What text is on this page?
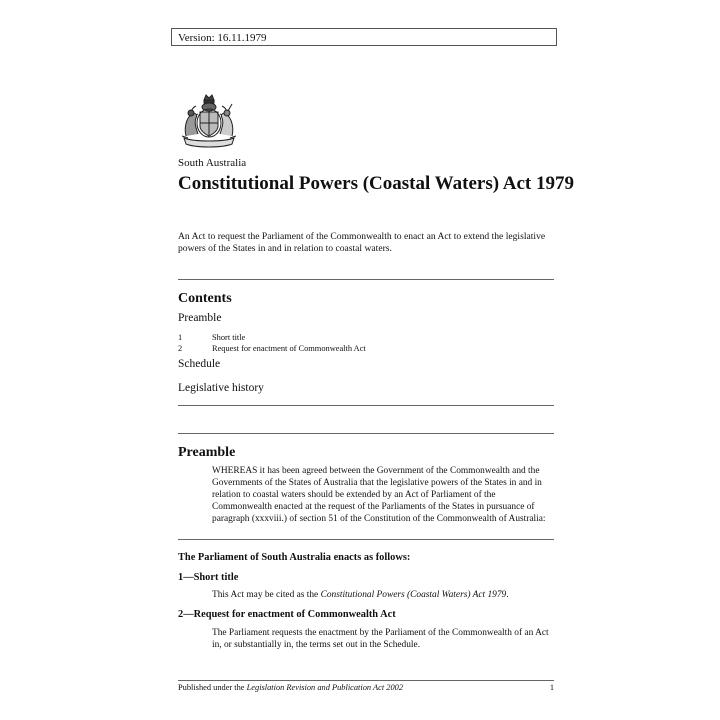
Version: 16.11.1979
South Australia
Constitutional Powers (Coastal Waters) Act 1979
An Act to request the Parliament of the Commonwealth to enact an Act to extend the legislative powers of the States in and in relation to coastal waters.
Contents
Preamble
1	Short title
2	Request for enactment of Commonwealth Act
Schedule
Legislative history
Preamble
WHEREAS it has been agreed between the Government of the Commonwealth and the Governments of the States of Australia that the legislative powers of the States in and in relation to coastal waters should be extended by an Act of Parliament of the Commonwealth enacted at the request of the Parliaments of the States in pursuance of paragraph (xxxviii.) of section 51 of the Constitution of the Commonwealth of Australia:
The Parliament of South Australia enacts as follows:
1—Short title
This Act may be cited as the Constitutional Powers (Coastal Waters) Act 1979.
2—Request for enactment of Commonwealth Act
The Parliament requests the enactment by the Parliament of the Commonwealth of an Act in, or substantially in, the terms set out in the Schedule.
Published under the Legislation Revision and Publication Act 2002	1
